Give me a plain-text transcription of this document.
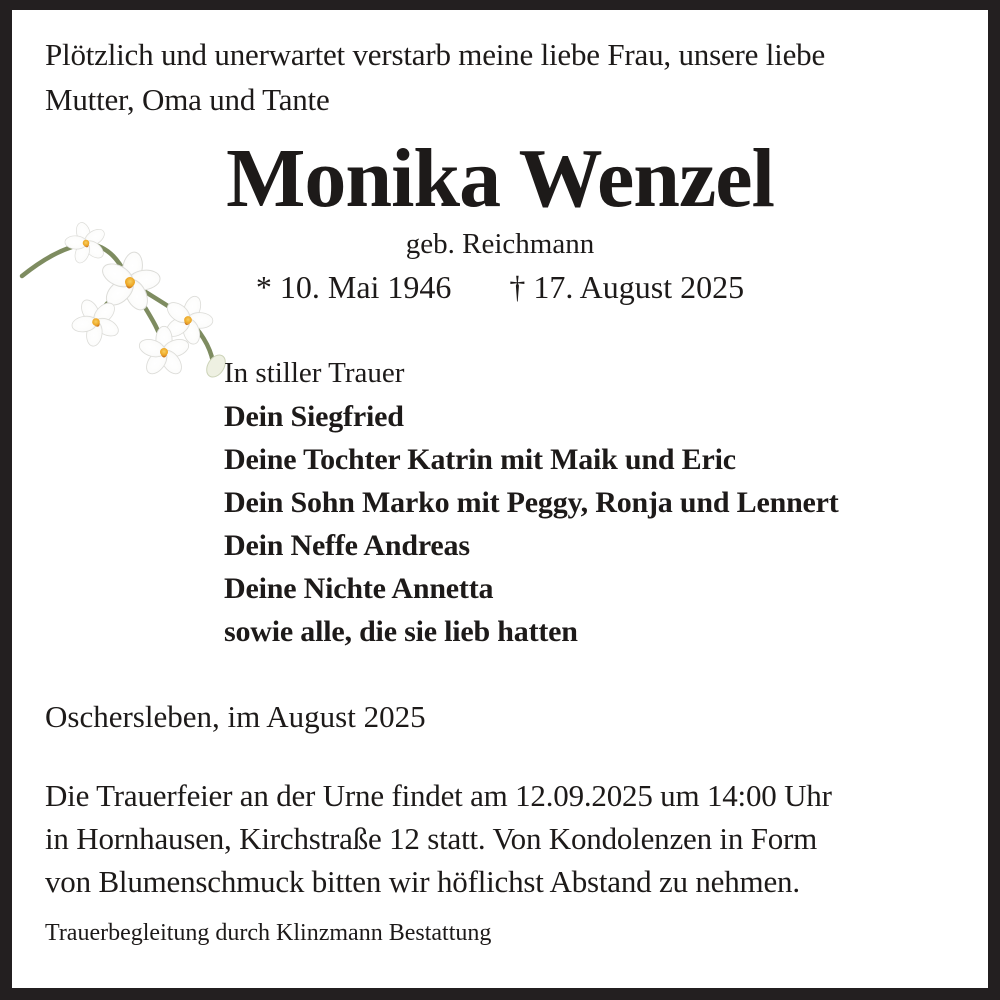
Plötzlich und unerwartet verstarb meine liebe Frau, unsere liebe
Mutter, Oma und Tante
Monika Wenzel
geb. Reichmann
* 10. Mai 1946 † 17. August 2025
In stiller Trauer
Dein Siegfried
Deine Tochter Katrin mit Maik und Eric
Dein Sohn Marko mit Peggy, Ronja und Lennert
Dein Neffe Andreas
Deine Nichte Annetta
sowie alle, die sie lieb hatten
Oschersleben, im August 2025
Die Trauerfeier an der Urne findet am 12.09.2025 um 14:00 Uhr
in Hornhausen, Kirchstraße 12 statt. Von Kondolenzen in Form
von Blumenschmuck bitten wir höflichst Abstand zu nehmen.
Trauerbegleitung durch Klinzmann Bestattung
